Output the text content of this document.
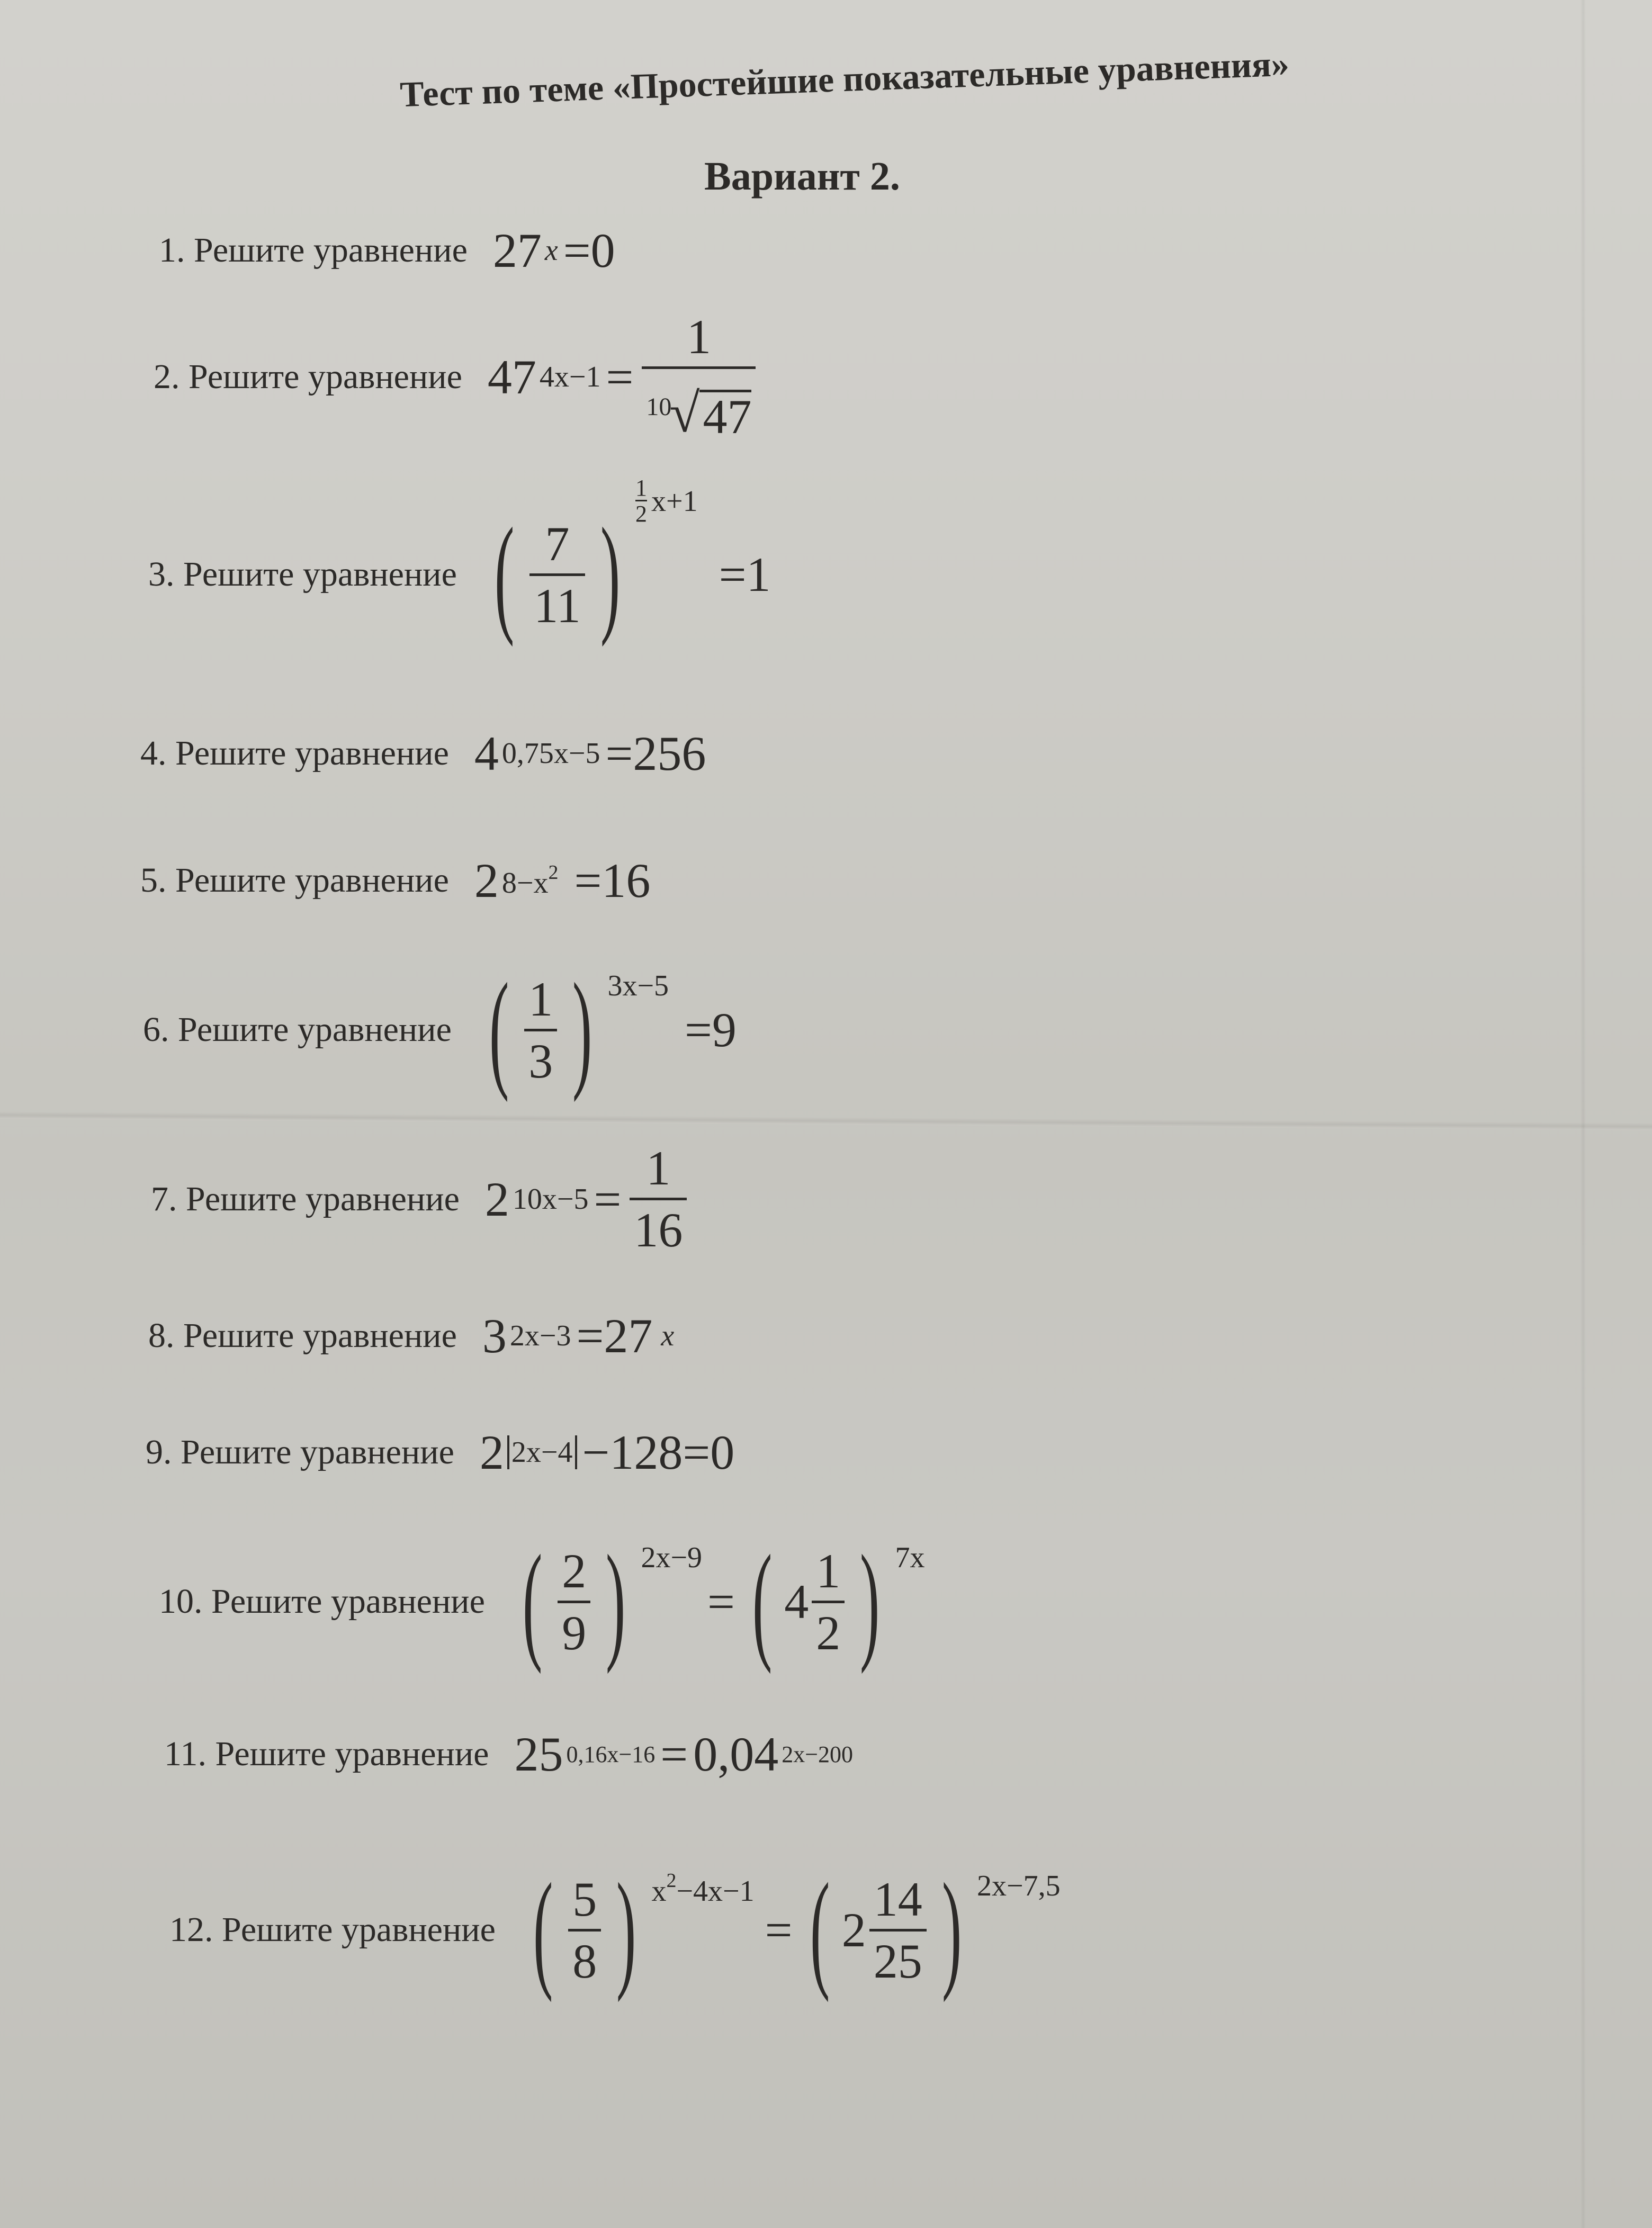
Тест по теме «Простейшие показательные уравнения»
Вариант 2.
1. Решите уравнение 27 x =0
2. Решите уравнение 47 4x−1 = 1
10
√ 47
3. Решите уравнение ( $\frac{7}{11}$ ) $^{\frac{1}{2} x+1}$
=1
4. Решите уравнение 4 0,75x−5 =256
5. Решите уравнение 2 $8-x^2 =16$
6. Решите уравнение ( $\frac{1}{3}$ ) $^{3x-5}$
=9
7. Решите уравнение 2 $10x-5 = \frac{1}{16}$
8. Решите уравнение 3 2x−3 =27 x
9. Решите уравнение 2 2x−4 −128=0
10. Решите уравнение ( $\frac{2}{9}$ ) $^{2x-9}$
= ( $4 \frac{1}{2}$ ) $^{7x}$
11. Решите уравнение 25 0,16x−16 = 0,04 2x−200
12. Решите уравнение ( $\frac{5}{8}$ ) $^{x^2-4x-1}$
= ( $2 \frac{14}{25}$ ) $^{2x-7,5}$
